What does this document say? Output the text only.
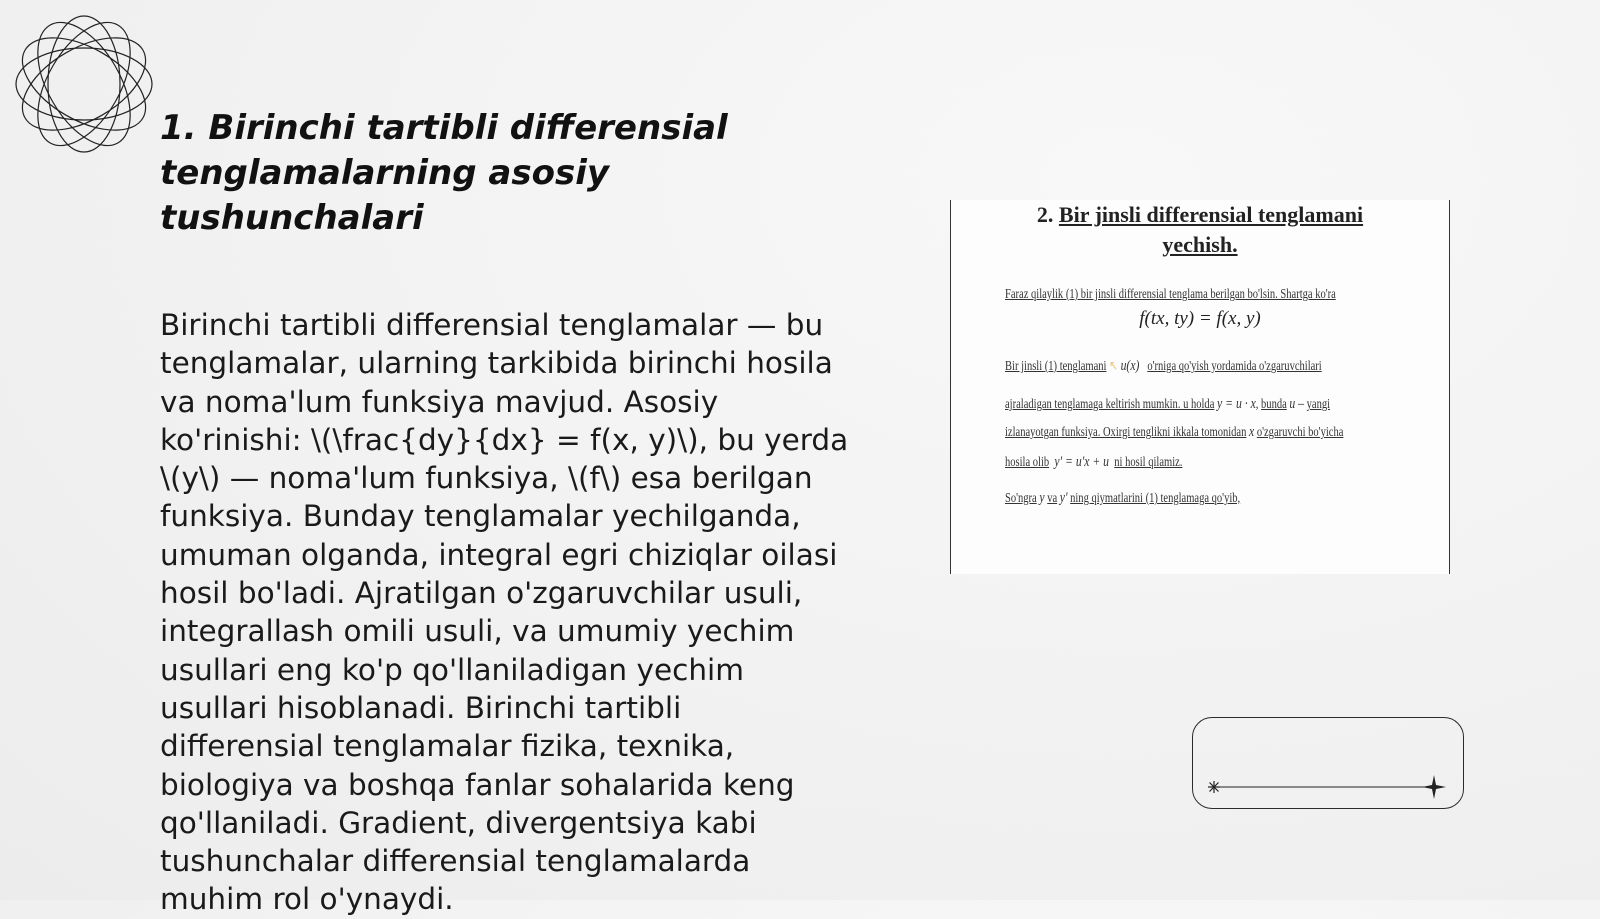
1. Birinchi tartibli differensial
tenglamalarning asosiy tushunchalari

Birinchi tartibli differensial tenglamalar — bu tenglamalar, ularning tarkibida birinchi hosila va noma'lum funksiya mavjud. Asosiy ko'rinishi: \(\frac{dy}{dx} = f(x, y)\), bu yerda \(y\) — noma'lum funksiya, \(f\) esa berilgan funksiya. Bunday tenglamalar yechilganda, umuman olganda, integral egri chiziqlar oilasi hosil bo'ladi. Ajratilgan o'zgaruvchilar usuli, integrallash omili usuli, va umumiy yechim usullari eng ko'p qo'llaniladigan yechim usullari hisoblanadi. Birinchi tartibli differensial tenglamalar fizika, texnika, biologiya va boshqa fanlar sohalarida keng qo'llaniladi. Gradient, divergentsiya kabi tushunchalar differensial tenglamalarda muhim rol o'ynaydi.

2. Bir jinsli differensial tenglamani
yechish.
Faraz qilaylik (1) bir jinsli differensial tenglama berilgan bo'lsin. Shartga ko'ra
f(tx, ty) = f(x, y)
Bir jinsli (1) tenglamani ↖ u(x) o'rniga qo'yish yordamida o'zgaruvchilari
ajraladigan tenglamaga keltirish mumkin. u holda y = u · x, bunda u – yangi
izlanayotgan funksiya. Oxirgi tenglikni ikkala tomonidan x o'zgaruvchi bo'yicha
hosila olib y' = u'x + u ni hosil qilamiz.
So'ngra y va y' ning qiymatlarini (1) tenglamaga qo'yib,
